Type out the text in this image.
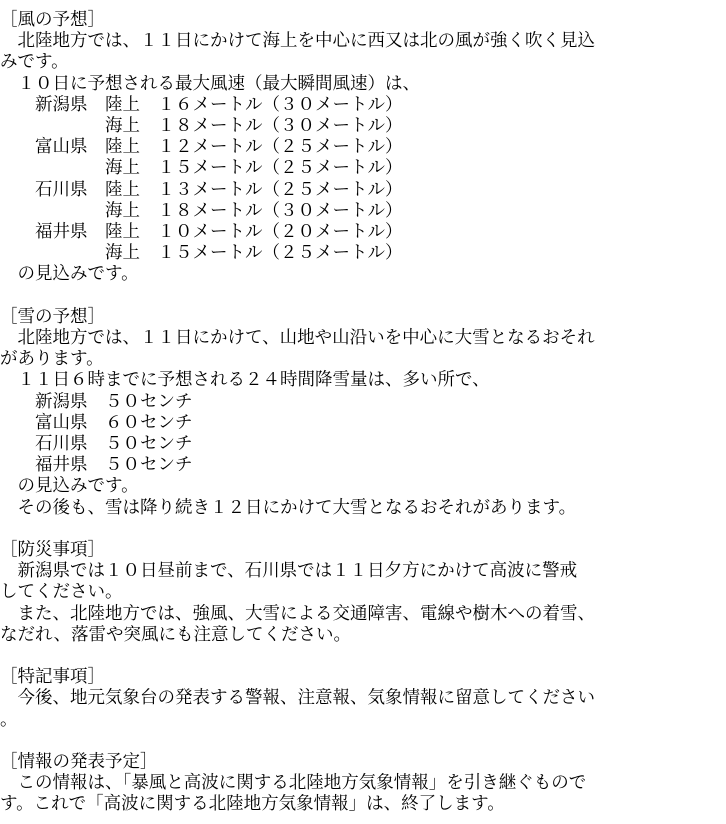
［風の予想］
　北陸地方では、１１日にかけて海上を中心に西又は北の風が強く吹く見込
みです。
　１０日に予想される最大風速（最大瞬間風速）は、
　　新潟県　陸上　１６メートル（３０メートル）
　　　　　　海上　１８メートル（３０メートル）
　　富山県　陸上　１２メートル（２５メートル）
　　　　　　海上　１５メートル（２５メートル）
　　石川県　陸上　１３メートル（２５メートル）
　　　　　　海上　１８メートル（３０メートル）
　　福井県　陸上　１０メートル（２０メートル）
　　　　　　海上　１５メートル（２５メートル）
　の見込みです。
［雪の予想］
　北陸地方では、１１日にかけて、山地や山沿いを中心に大雪となるおそれ
があります。
　１１日６時までに予想される２４時間降雪量は、多い所で、
　　新潟県　５０センチ
　　富山県　６０センチ
　　石川県　５０センチ
　　福井県　５０センチ
　の見込みです。
　その後も、雪は降り続き１２日にかけて大雪となるおそれがあります。
［防災事項］
　新潟県では１０日昼前まで、石川県では１１日夕方にかけて高波に警戒
してください。
　また、北陸地方では、強風、大雪による交通障害、電線や樹木への着雪、
なだれ、落雷や突風にも注意してください。
［特記事項］
　今後、地元気象台の発表する警報、注意報、気象情報に留意してください
。
［情報の発表予定］
　この情報は、「暴風と高波に関する北陸地方気象情報」を引き継ぐもので
す。これで「高波に関する北陸地方気象情報」は、終了します。
